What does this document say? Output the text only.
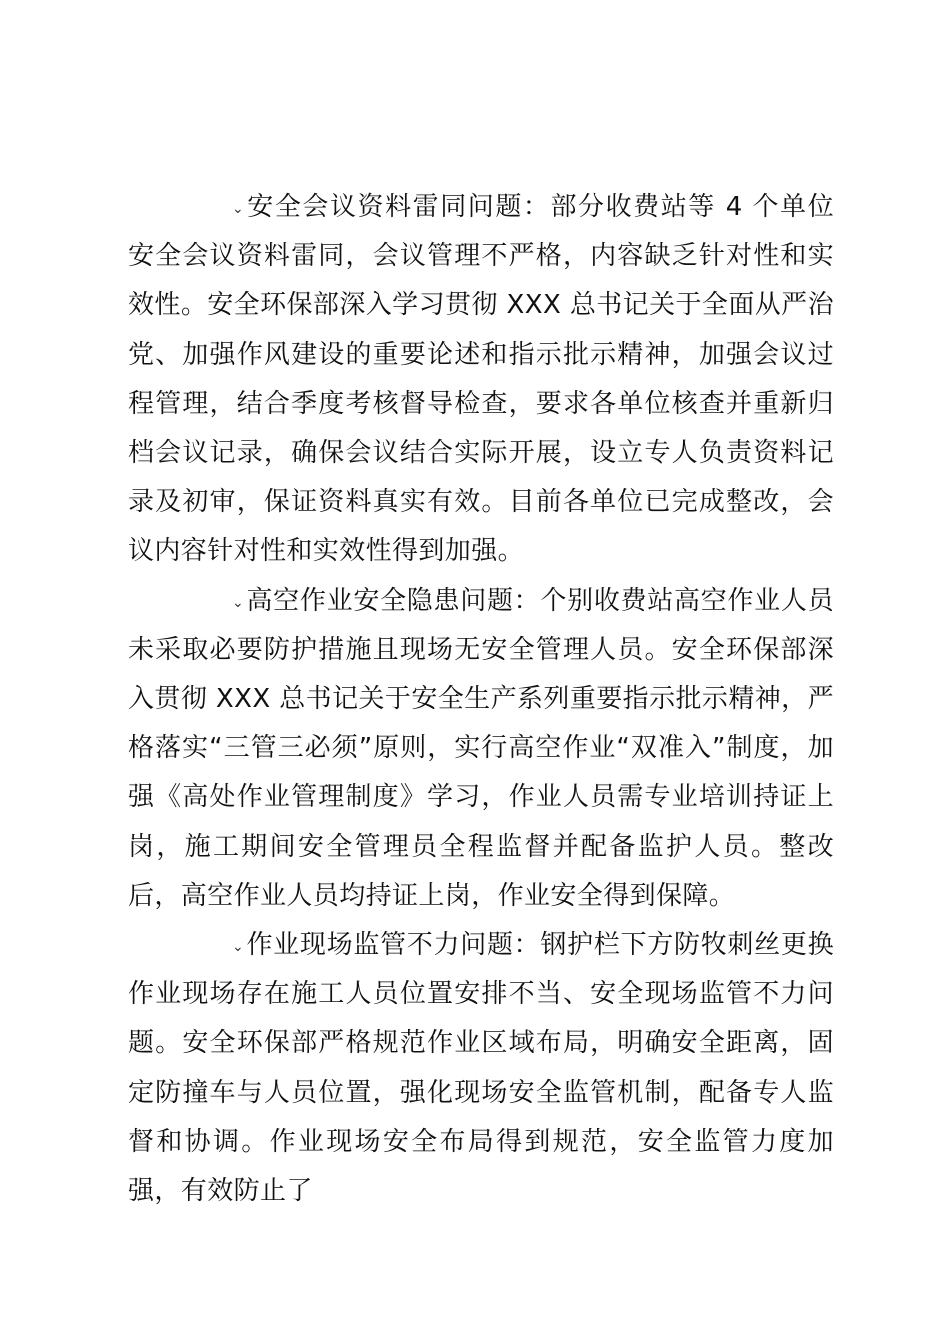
⌄安全会议资料雷同问题：部分收费站等 4 个单位安全会议资料雷同，会议管理不严格，内容缺乏针对性和实效性。安全环保部深入学习贯彻 XXX 总书记关于全面从严治党、加强作风建设的重要论述和指示批示精神，加强会议过程管理，结合季度考核督导检查，要求各单位核查并重新归档会议记录，确保会议结合实际开展，设立专人负责资料记录及初审，保证资料真实有效。目前各单位已完成整改，会议内容针对性和实效性得到加强。

⌄高空作业安全隐患问题：个别收费站高空作业人员未采取必要防护措施且现场无安全管理人员。安全环保部深入贯彻 XXX 总书记关于安全生产系列重要指示批示精神，严格落实“三管三必须”原则，实行高空作业“双准入”制度，加强《高处作业管理制度》学习，作业人员需专业培训持证上岗，施工期间安全管理员全程监督并配备监护人员。整改后，高空作业人员均持证上岗，作业安全得到保障。

⌄作业现场监管不力问题：钢护栏下方防牧刺丝更换作业现场存在施工人员位置安排不当、安全现场监管不力问题。安全环保部严格规范作业区域布局，明确安全距离，固定防撞车与人员位置，强化现场安全监管机制，配备专人监督和协调。作业现场安全布局得到规范，安全监管力度加强，有效防止了
